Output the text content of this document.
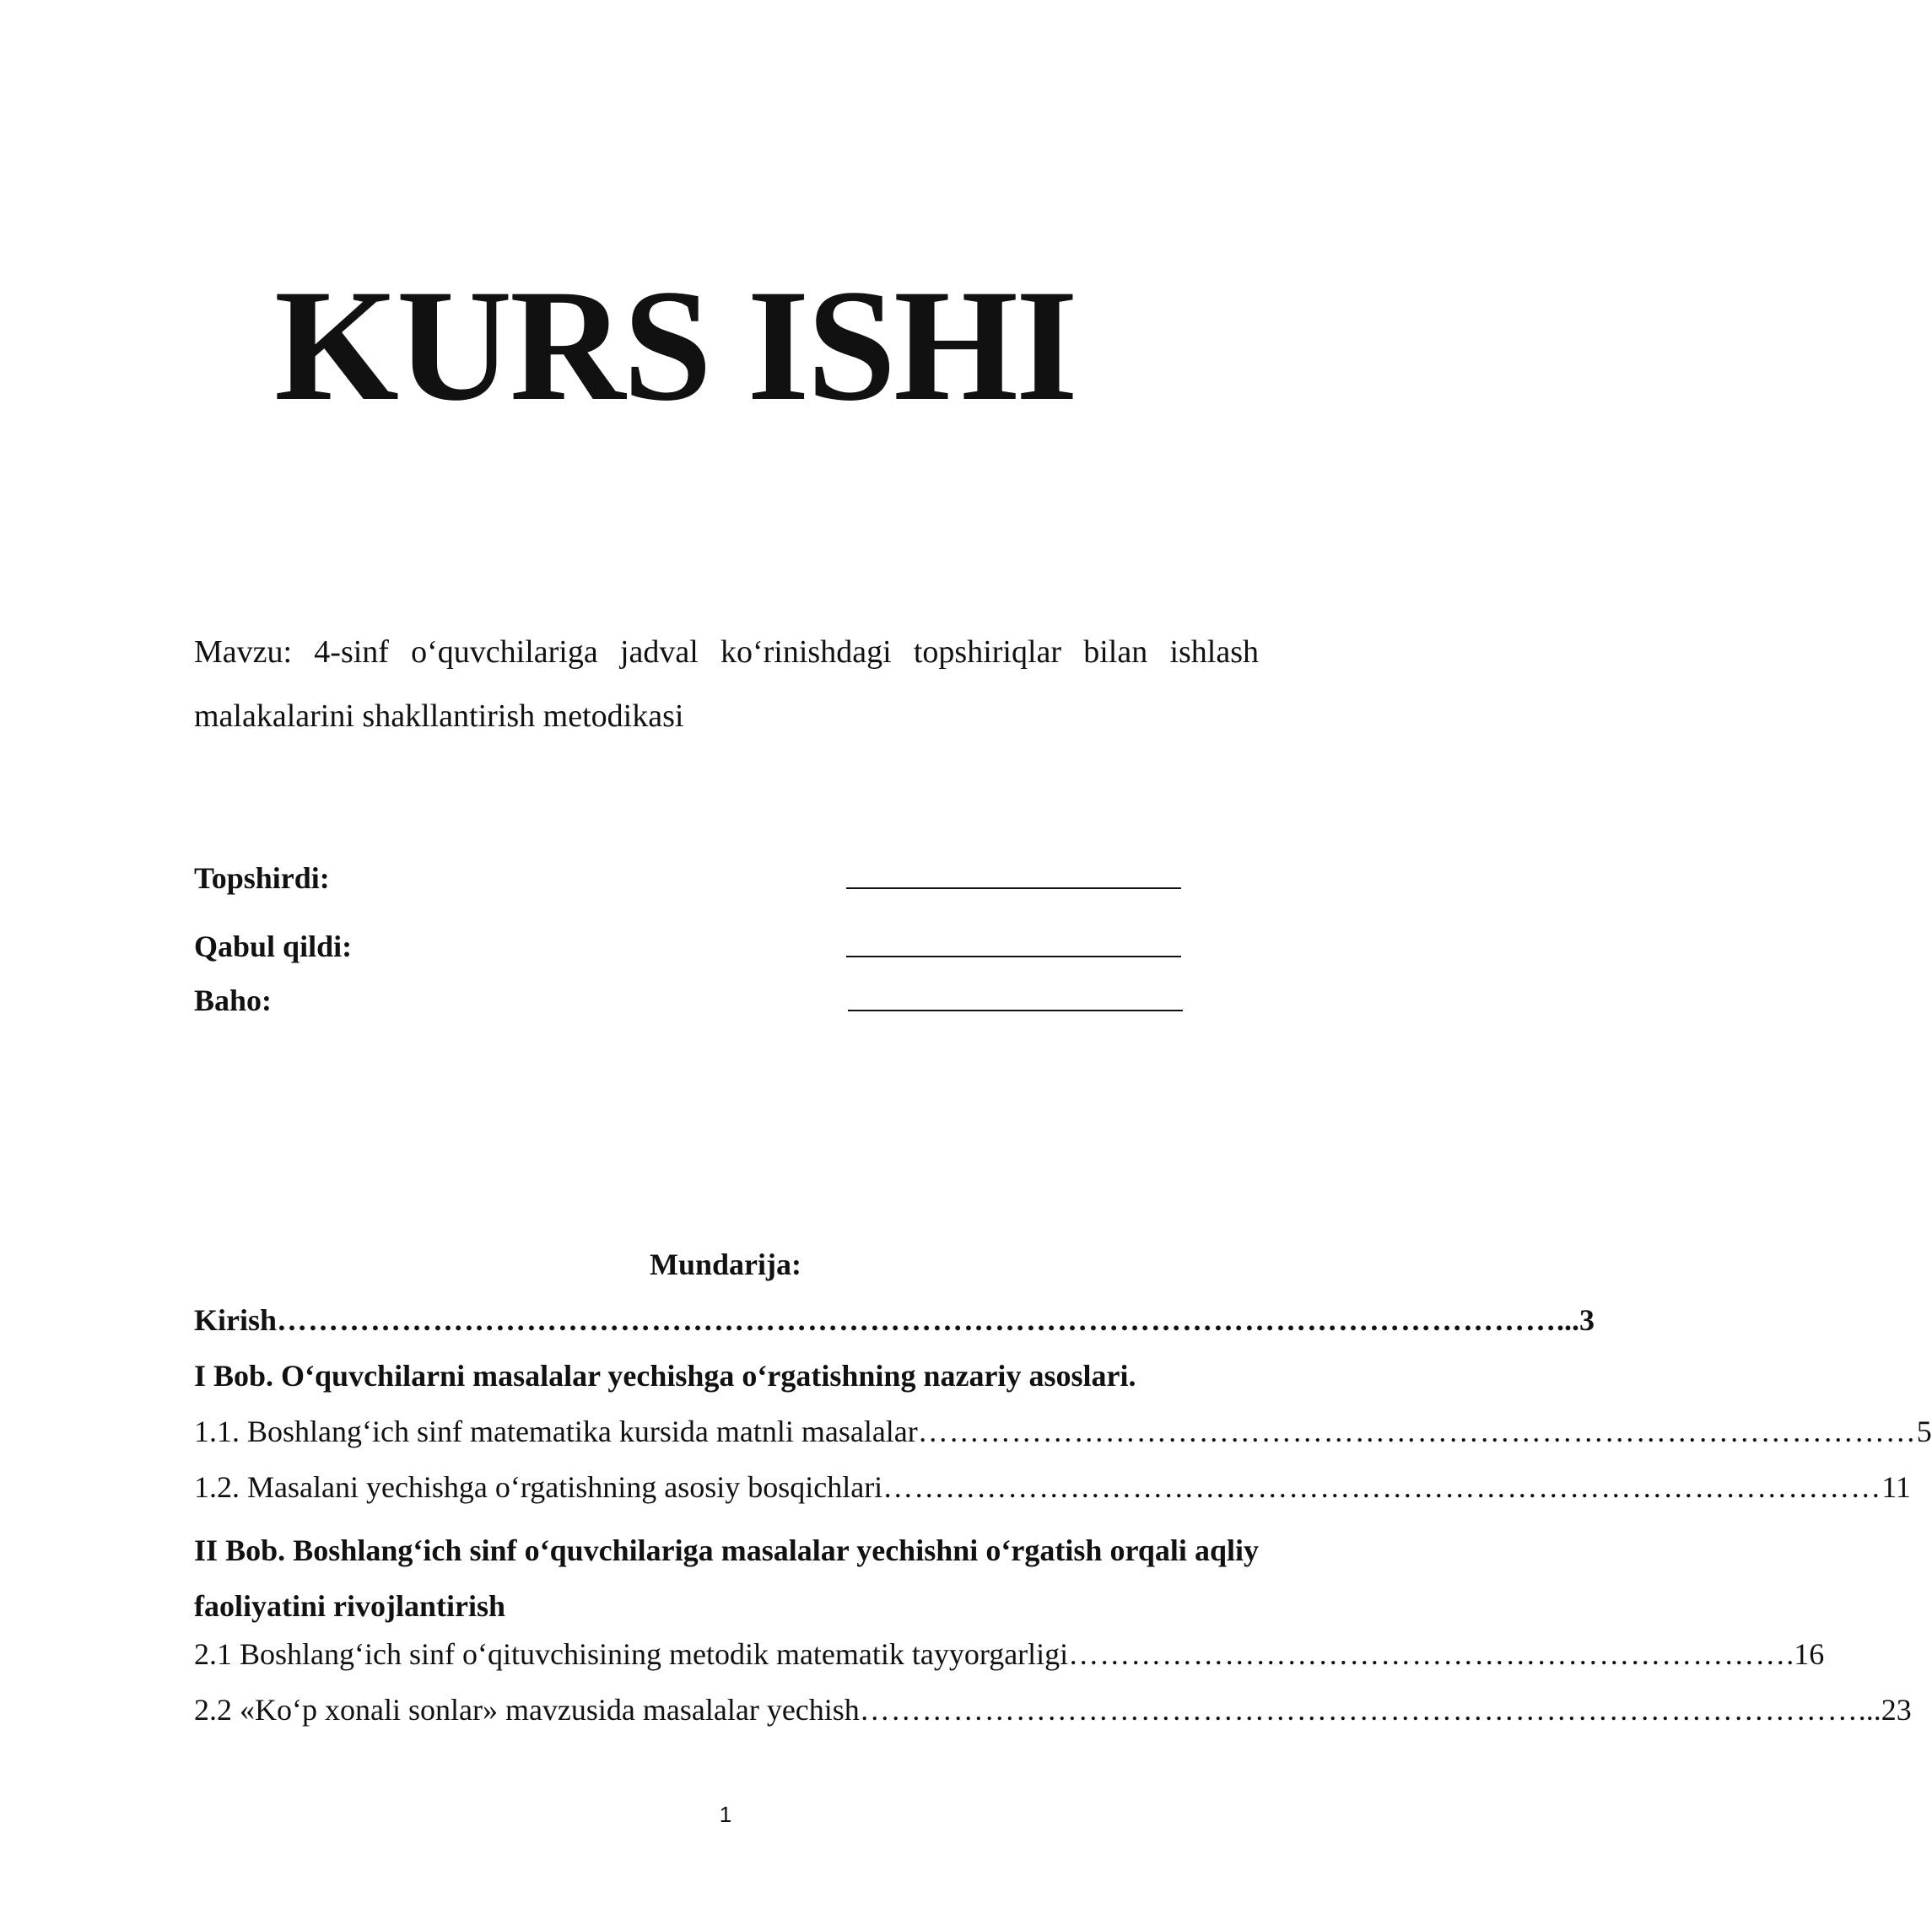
KURS ISHI
Mavzu: 4-sinf o‘quvchilariga jadval ko‘rinishdagi topshiriqlar bilan ishlash malakalarini shakllantirish metodikasi
Topshirdi:
Qabul qildi:
Baho:
Mundarija:
Kirish …………………………………………………………………………………………………………… ...3
I Bob. O‘quvchilarni masalalar yechishga o‘rgatishning nazariy asoslari.
1.1. Boshlang‘ich sinf matematika kursida matnli masalalar …………………………………………………………………………………… 5
1.2. Masalani yechishga o‘rgatishning asosiy bosqichlari …………………………………………………………………………………… 11
II Bob. Boshlang‘ich sinf o‘quvchilariga masalalar yechishni o‘rgatish orqali aqliy faoliyatini rivojlantirish
2.1 Boshlang‘ich sinf o‘qituvchisining metodik matematik tayyorgarligi …………………………………………………………… .16
2.2 «Ko‘p xonali sonlar» mavzusida masalalar yechish …………………………………………………………………………………… ...23
1
